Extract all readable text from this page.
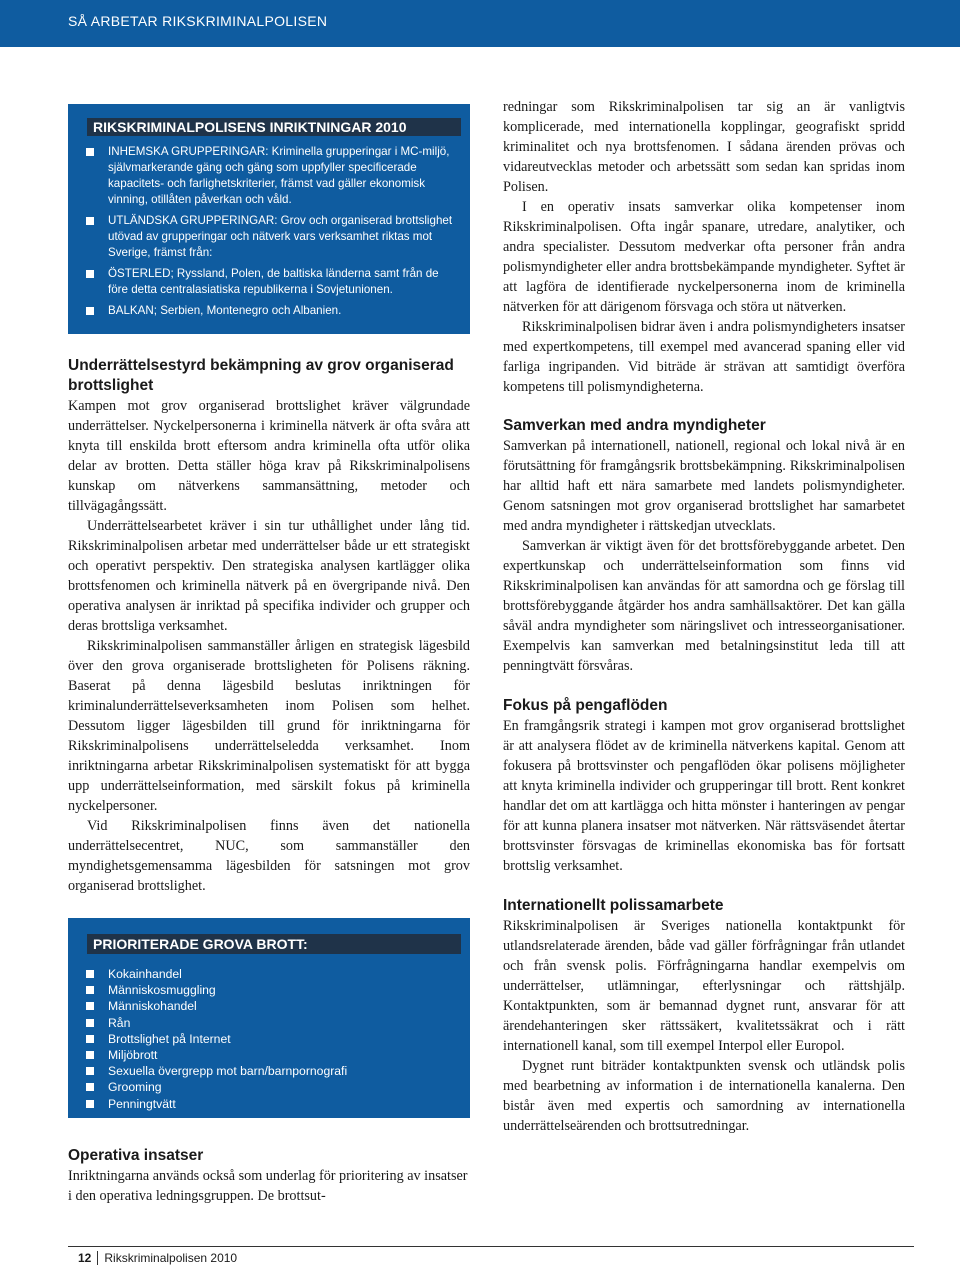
SÅ ARBETAR RIKSKRIMINALPOLISEN
RIKSKRIMINALPOLISENS INRIKTNINGAR 2010
INHEMSKA GRUPPERINGAR: Kriminella grupperingar i MC-miljö, självmarkerande gäng och gäng som uppfyller specificerade kapacitets- och farlighetskriterier, främst vad gäller ekonomisk vinning, otillåten påverkan och våld.
UTLÄNDSKA GRUPPERINGAR: Grov och organiserad brottslighet utövad av grupperingar och nätverk vars verksamhet riktas mot Sverige, främst från:
ÖSTERLED; Ryssland, Polen, de baltiska länderna samt från de före detta centralasiatiska republikerna i Sovjetunionen.
BALKAN; Serbien, Montenegro och Albanien.
Underrättelsestyrd bekämpning av grov organiserad brottslighet

Kampen mot grov organiserad brottslighet kräver välgrundade underrättelser. Nyckelpersonerna i kriminella nätverk är ofta svåra att knyta till enskilda brott eftersom andra kriminella ofta utför olika delar av brotten. Detta ställer höga krav på Rikskriminalpolisens kunskap om nätverkens sammansättning, metoder och tillvägagångssätt.

Underrättelsearbetet kräver i sin tur uthållighet under lång tid. Rikskriminalpolisen arbetar med underrättelser både ur ett strategiskt och operativt perspektiv. Den strategiska analysen kartlägger olika brottsfenomen och kriminella nätverk på en övergripande nivå. Den operativa analysen är inriktad på specifika individer och grupper och deras brottsliga verksamhet.

Rikskriminalpolisen sammanställer årligen en strategisk lägesbild över den grova organiserade brottsligheten för Polisens räkning. Baserat på denna lägesbild beslutas inriktningen för kriminalunderrättelseverksamheten inom Polisen som helhet. Dessutom ligger lägesbilden till grund för inriktningarna för Rikskriminalpolisens underrättelseledda verksamhet. Inom inriktningarna arbetar Rikskriminalpolisen systematiskt för att bygga upp underrättelseinformation, med särskilt fokus på kriminella nyckelpersoner.

Vid Rikskriminalpolisen finns även det nationella underrättelsecentret, NUC, som sammanställer den myndighetsgemensamma lägesbilden för satsningen mot grov organiserad brottslighet.

PRIORITERADE GROVA BROTT:
Kokainhandel
Människosmuggling
Människohandel
Rån
Brottslighet på Internet
Miljöbrott
Sexuella övergrepp mot barn/barnpornografi
Grooming
Penningtvätt
Operativa insatser

Inriktningarna används också som underlag för prioritering av insatser i den operativa ledningsgruppen. De brottsut-

redningar som Rikskriminalpolisen tar sig an är vanligtvis komplicerade, med internationella kopplingar, geografiskt spridd kriminalitet och nya brottsfenomen. I sådana ärenden prövas och vidareutvecklas metoder och arbetssätt som sedan kan spridas inom Polisen.

I en operativ insats samverkar olika kompetenser inom Rikskriminalpolisen. Ofta ingår spanare, utredare, analytiker, och andra specialister. Dessutom medverkar ofta personer från andra polismyndigheter eller andra brottsbekämpande myndigheter. Syftet är att lagföra de identifierade nyckelpersonerna inom de kriminella nätverken för att därigenom försvaga och störa ut nätverken.

Rikskriminalpolisen bidrar även i andra polismyndigheters insatser med expertkompetens, till exempel med avancerad spaning eller vid farliga ingripanden. Vid biträde är strävan att samtidigt överföra kompetens till polismyndigheterna.

Samverkan med andra myndigheter

Samverkan på internationell, nationell, regional och lokal nivå är en förutsättning för framgångsrik brottsbekämpning. Rikskriminalpolisen har alltid haft ett nära samarbete med landets polismyndigheter. Genom satsningen mot grov organiserad brottslighet har samarbetet med andra myndigheter i rättskedjan utvecklats.

Samverkan är viktigt även för det brottsförebyggande arbetet. Den expertkunskap och underrättelseinformation som finns vid Rikskriminalpolisen kan användas för att samordna och ge förslag till brottsförebyggande åtgärder hos andra samhällsaktörer. Det kan gälla såväl andra myndigheter som näringslivet och intresseorganisationer. Exempelvis kan samverkan med betalningsinstitut leda till att penningtvätt försvåras.

Fokus på pengaflöden

En framgångsrik strategi i kampen mot grov organiserad brottslighet är att analysera flödet av de kriminella nätverkens kapital. Genom att fokusera på brottsvinster och pengaflöden ökar polisens möjligheter att knyta kriminella individer och grupperingar till brott. Rent konkret handlar det om att kartlägga och hitta mönster i hanteringen av pengar för att kunna planera insatser mot nätverken. När rättsväsendet återtar brottsvinster försvagas de kriminellas ekonomiska bas för fortsatt brottslig verksamhet.

Internationellt polissamarbete

Rikskriminalpolisen är Sveriges nationella kontaktpunkt för utlandsrelaterade ärenden, både vad gäller förfrågningar från utlandet och från svensk polis. Förfrågningarna handlar exempelvis om underrättelser, utlämningar, efterlysningar och rättshjälp. Kontaktpunkten, som är bemannad dygnet runt, ansvarar för att ärendehanteringen sker rättssäkert, kvalitetssäkrat och i rätt internationell kanal, som till exempel Interpol eller Europol.

Dygnet runt biträder kontaktpunkten svensk och utländsk polis med bearbetning av information i de internationella kanalerna. Den bistår även med expertis och samordning av internationella underrättelseärenden och brottsutredningar.

12 Rikskriminalpolisen 2010
